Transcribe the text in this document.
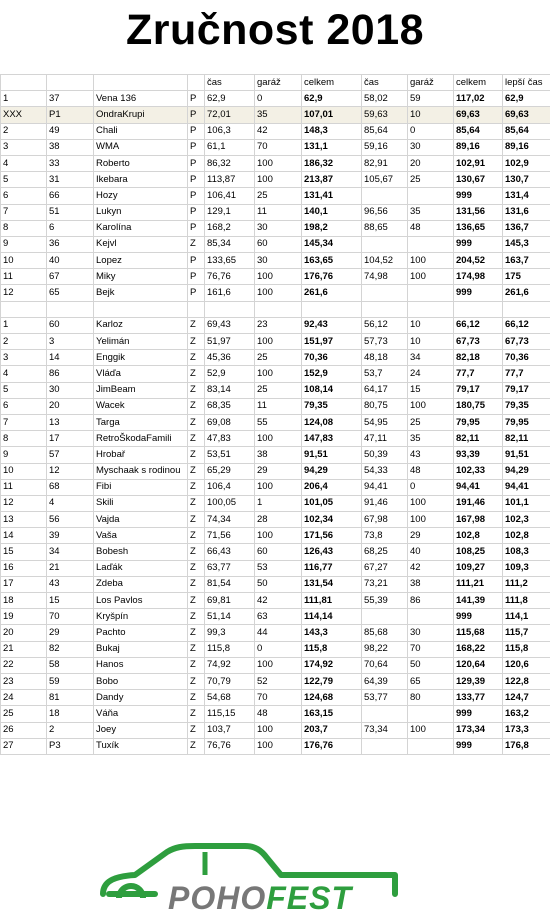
Zručnost 2018
				čas	garáž	celkem	čas	garáž	celkem	lepší čas
1	37	Vena 136	P	62,9	0	62,9	58,02	59	117,02	62,9
XXX	P1	OndraKrupi	P	72,01	35	107,01	59,63	10	69,63	69,63
2	49	Chali	P	106,3	42	148,3	85,64	0	85,64	85,64
3	38	WMA	P	61,1	70	131,1	59,16	30	89,16	89,16
4	33	Roberto	P	86,32	100	186,32	82,91	20	102,91	102,9
5	31	Ikebara	P	113,87	100	213,87	105,67	25	130,67	130,7
6	66	Hozy	P	106,41	25	131,41			999	131,4
7	51	Lukyn	P	129,1	11	140,1	96,56	35	131,56	131,6
8	6	Karolína	P	168,2	30	198,2	88,65	48	136,65	136,7
9	36	Kejvl	Z	85,34	60	145,34			999	145,3
10	40	Lopez	P	133,65	30	163,65	104,52	100	204,52	163,7
11	67	Miky	P	76,76	100	176,76	74,98	100	174,98	175
12	65	Bejk	P	161,6	100	261,6			999	261,6

1	60	Karloz	Z	69,43	23	92,43	56,12	10	66,12	66,12
2	3	Yelimán	Z	51,97	100	151,97	57,73	10	67,73	67,73
3	14	Enggik	Z	45,36	25	70,36	48,18	34	82,18	70,36
4	86	Vláďa	Z	52,9	100	152,9	53,7	24	77,7	77,7
5	30	JimBeam	Z	83,14	25	108,14	64,17	15	79,17	79,17
6	20	Wacek	Z	68,35	11	79,35	80,75	100	180,75	79,35
7	13	Targa	Z	69,08	55	124,08	54,95	25	79,95	79,95
8	17	RetroŠkodaFamili	Z	47,83	100	147,83	47,11	35	82,11	82,11
9	57	Hrobař	Z	53,51	38	91,51	50,39	43	93,39	91,51
10	12	Myschaak s rodinou	Z	65,29	29	94,29	54,33	48	102,33	94,29
11	68	Fibi	Z	106,4	100	206,4	94,41	0	94,41	94,41
12	4	Skili	Z	100,05	1	101,05	91,46	100	191,46	101,1
13	56	Vajda	Z	74,34	28	102,34	67,98	100	167,98	102,3
14	39	Vaša	Z	71,56	100	171,56	73,8	29	102,8	102,8
15	34	Bobesh	Z	66,43	60	126,43	68,25	40	108,25	108,3
16	21	Laďák	Z	63,77	53	116,77	67,27	42	109,27	109,3
17	43	Zdeba	Z	81,54	50	131,54	73,21	38	111,21	111,2
18	15	Los Pavlos	Z	69,81	42	111,81	55,39	86	141,39	111,8
19	70	Kryšpín	Z	51,14	63	114,14			999	114,1
20	29	Pachto	Z	99,3	44	143,3	85,68	30	115,68	115,7
21	82	Bukaj	Z	115,8	0	115,8	98,22	70	168,22	115,8
22	58	Hanos	Z	74,92	100	174,92	70,64	50	120,64	120,6
23	59	Bobo	Z	70,79	52	122,79	64,39	65	129,39	122,8
24	81	Dandy	Z	54,68	70	124,68	53,77	80	133,77	124,7
25	18	Váňa	Z	115,15	48	163,15			999	163,2
26	2	Joey	Z	103,7	100	203,7	73,34	100	173,34	173,3
27	P3	Tuxík	Z	76,76	100	176,76			999	176,8
POHOFEST
